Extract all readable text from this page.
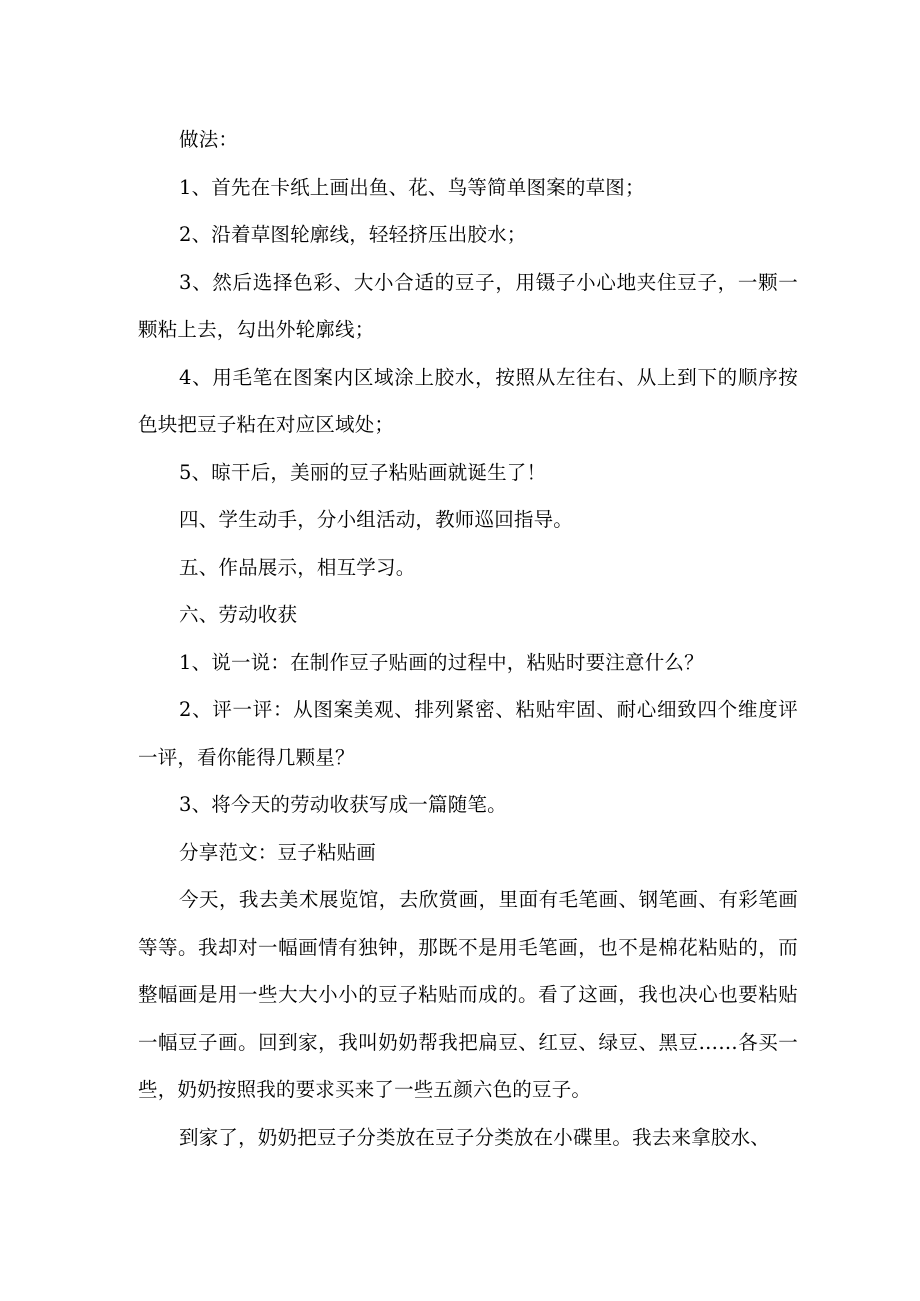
做法：

1、首先在卡纸上画出鱼、花、鸟等简单图案的草图；

2、沿着草图轮廓线，轻轻挤压出胶水；

3、然后选择色彩、大小合适的豆子，用镊子小心地夹住豆子，一颗一颗粘上去，勾出外轮廓线；

4、用毛笔在图案内区域涂上胶水，按照从左往右、从上到下的顺序按色块把豆子粘在对应区域处；

5、晾干后，美丽的豆子粘贴画就诞生了！

四、学生动手，分小组活动，教师巡回指导。

五、作品展示，相互学习。

六、劳动收获

1、说一说：在制作豆子贴画的过程中，粘贴时要注意什么？

2、评一评：从图案美观、排列紧密、粘贴牢固、耐心细致四个维度评一评，看你能得几颗星？

3、将今天的劳动收获写成一篇随笔。

分享范文：豆子粘贴画

今天，我去美术展览馆，去欣赏画，里面有毛笔画、钢笔画、有彩笔画等等。我却对一幅画情有独钟，那既不是用毛笔画，也不是棉花粘贴的，而整幅画是用一些大大小小的豆子粘贴而成的。看了这画，我也决心也要粘贴一幅豆子画。回到家，我叫奶奶帮我把扁豆、红豆、绿豆、黑豆……各买一些，奶奶按照我的要求买来了一些五颜六色的豆子。

到家了，奶奶把豆子分类放在豆子分类放在小碟里。我去来拿胶水、
